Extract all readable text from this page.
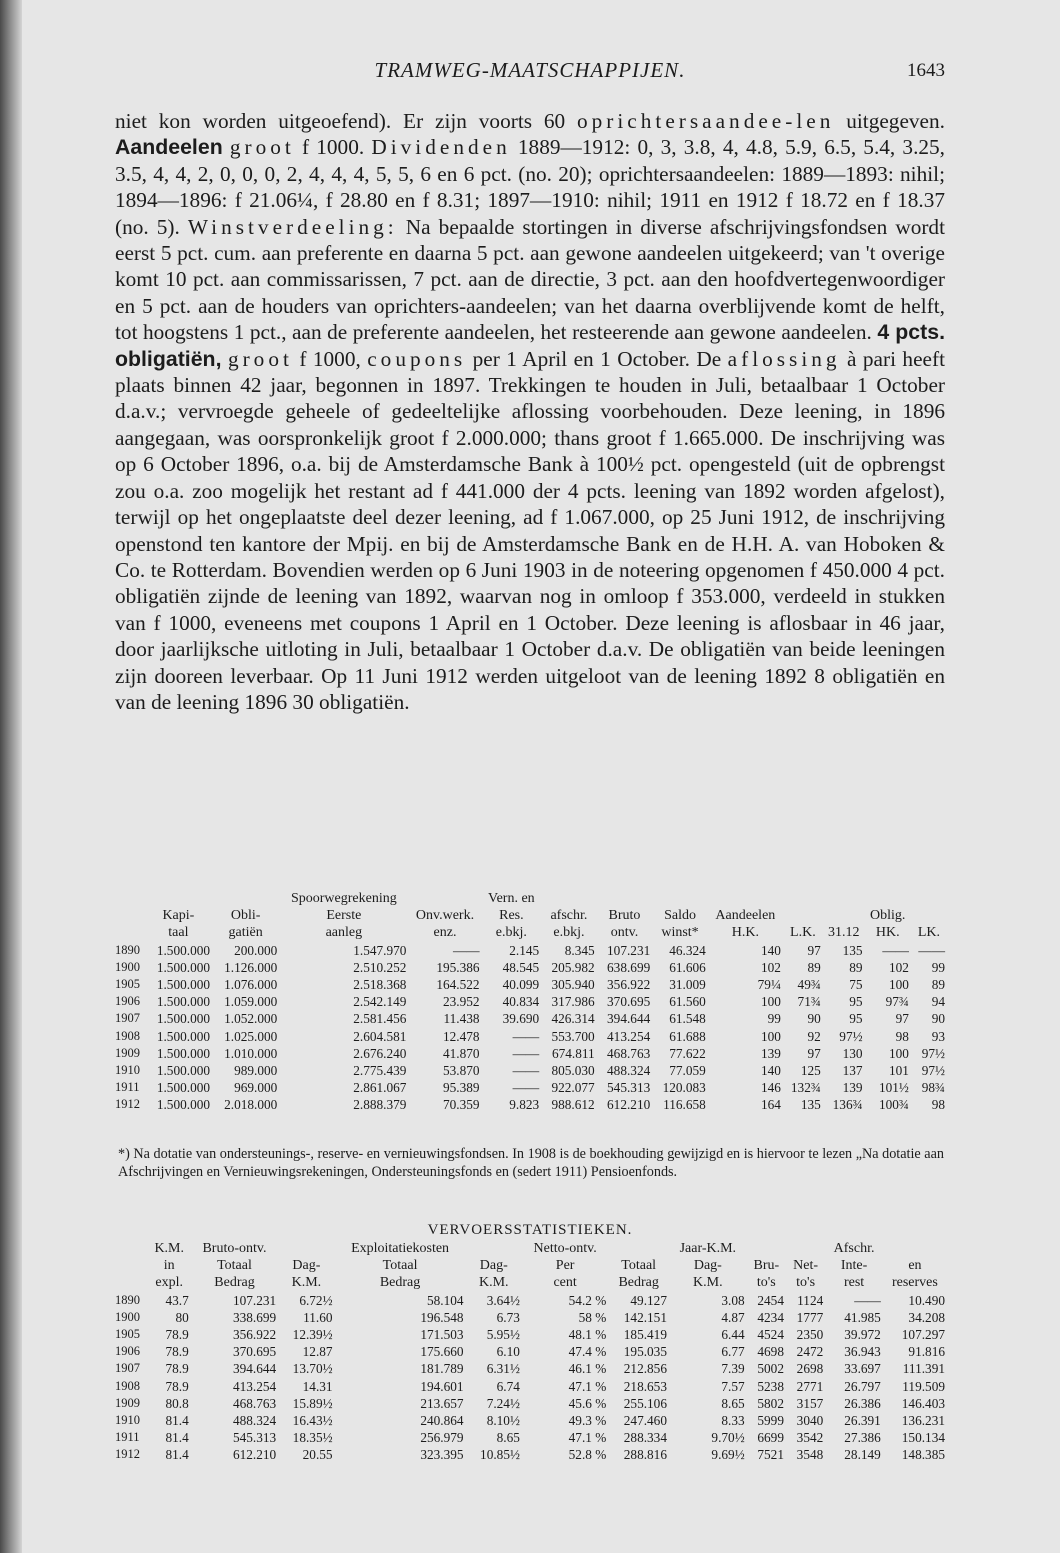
TRAMWEG-MAATSCHAPPIJEN.	1643

niet kon worden uitgeoefend). Er zijn voorts 60 oprichtersaandee-len uitgegeven. Aandeelen groot f 1000. Dividenden 1889—1912: 0, 3, 3.8, 4, 4.8, 5.9, 6.5, 5.4, 3.25, 3.5, 4, 4, 2, 0, 0, 0, 2, 4, 4, 4, 5, 5, 6 en 6 pct. (no. 20); oprichtersaandeelen: 1889—1893: nihil; 1894—1896: f 21.06¼, f 28.80 en f 8.31; 1897—1910: nihil; 1911 en 1912 f 18.72 en f 18.37 (no. 5). Winstverdeeling: Na bepaalde stortingen in diverse afschrijvingsfondsen wordt eerst 5 pct. cum. aan preferente en daarna 5 pct. aan gewone aandeelen uitgekeerd; van 't overige komt 10 pct. aan commissarissen, 7 pct. aan de directie, 3 pct. aan den hoofdvertegenwoordiger en 5 pct. aan de houders van oprichters-aandeelen; van het daarna overblijvende komt de helft, tot hoogstens 1 pct., aan de preferente aandeelen, het resteerende aan gewone aandeelen. 4 pcts. obligatiën, groot f 1000, coupons per 1 April en 1 October. De aflossing à pari heeft plaats binnen 42 jaar, begonnen in 1897. Trekkingen te houden in Juli, betaalbaar 1 October d.a.v.; vervroegde geheele of gedeeltelijke aflossing voorbehouden. Deze leening, in 1896 aangegaan, was oorspronkelijk groot f 2.000.000; thans groot f 1.665.000. De inschrijving was op 6 October 1896, o.a. bij de Amsterdamsche Bank à 100½ pct. opengesteld (uit de opbrengst zou o.a. zoo mogelijk het restant ad f 441.000 der 4 pcts. leening van 1892 worden afgelost), terwijl op het ongeplaatste deel dezer leening, ad f 1.067.000, op 25 Juni 1912, de inschrijving openstond ten kantore der Mpij. en bij de Amsterdamsche Bank en de H.H. A. van Hoboken & Co. te Rotterdam. Bovendien werden op 6 Juni 1903 in de noteering opgenomen f 450.000 4 pct. obligatiën zijnde de leening van 1892, waarvan nog in omloop f 353.000, verdeeld in stukken van f 1000, eveneens met coupons 1 April en 1 October. Deze leening is aflosbaar in 46 jaar, door jaarlijksche uitloting in Juli, betaalbaar 1 October d.a.v. De obligatiën van beide leeningen zijn dooreen leverbaar. Op 11 Juni 1912 werden uitgeloot van de leening 1892 8 obligatiën en van de leening 1896 30 obligatiën.

			Spoorwegrekening		Vern. en								
	Kapi-	Obli-	Eerste	Onv.werk.	Res.	afschr.	Bruto	Saldo	Aandeelen			Oblig.	
	taal	gatiën	aanleg	enz.	e.bkj.	e.bkj.	ontv.	winst*	H.K.	L.K.	31.12	HK.	LK.
1890	1.500.000	200.000	1.547.970	——	2.145	8.345	107.231	46.324	140	97	135	——	——
1900	1.500.000	1.126.000	2.510.252	195.386	48.545	205.982	638.699	61.606	102	89	89	102	99
1905	1.500.000	1.076.000	2.518.368	164.522	40.099	305.940	356.922	31.009	79¼	49¾	75	100	89
1906	1.500.000	1.059.000	2.542.149	23.952	40.834	317.986	370.695	61.560	100	71¾	95	97¾	94
1907	1.500.000	1.052.000	2.581.456	11.438	39.690	426.314	394.644	61.548	99	90	95	97	90
1908	1.500.000	1.025.000	2.604.581	12.478	——	553.700	413.254	61.688	100	92	97½	98	93
1909	1.500.000	1.010.000	2.676.240	41.870	——	674.811	468.763	77.622	139	97	130	100	97½
1910	1.500.000	989.000	2.775.439	53.870	——	805.030	488.324	77.059	140	125	137	101	97½
1911	1.500.000	969.000	2.861.067	95.389	——	922.077	545.313	120.083	146	132¾	139	101½	98¾
1912	1.500.000	2.018.000	2.888.379	70.359	9.823	988.612	612.210	116.658	164	135	136¾	100¾	98

*) Na dotatie van ondersteunings-, reserve- en vernieuwingsfondsen. In 1908 is de boekhouding gewijzigd en is hiervoor te lezen „Na dotatie aan Afschrijvingen en Vernieuwingsrekeningen, Ondersteuningsfonds en (sedert 1911) Pensioenfonds.

VERVOERSSTATISTIEKEN.
	K.M.	Bruto-ontv.		Exploitatiekosten		Netto-ontv.		Jaar-K.M.			Afschr.	
	in	Totaal	Dag-	Totaal	Dag-	Per	Totaal	Dag-	Bru-	Net-	Inte-	en
	expl.	Bedrag	K.M.	Bedrag	K.M.	cent	Bedrag	K.M.	to's	to's	rest	reserves
1890	43.7	107.231	6.72½	58.104	3.64½	54.2 %	49.127	3.08	2454	1124	——	10.490
1900	80	338.699	11.60	196.548	6.73	58 %	142.151	4.87	4234	1777	41.985	34.208
1905	78.9	356.922	12.39½	171.503	5.95½	48.1 %	185.419	6.44	4524	2350	39.972	107.297
1906	78.9	370.695	12.87	175.660	6.10	47.4 %	195.035	6.77	4698	2472	36.943	91.816
1907	78.9	394.644	13.70½	181.789	6.31½	46.1 %	212.856	7.39	5002	2698	33.697	111.391
1908	78.9	413.254	14.31	194.601	6.74	47.1 %	218.653	7.57	5238	2771	26.797	119.509
1909	80.8	468.763	15.89½	213.657	7.24½	45.6 %	255.106	8.65	5802	3157	26.386	146.403
1910	81.4	488.324	16.43½	240.864	8.10½	49.3 %	247.460	8.33	5999	3040	26.391	136.231
1911	81.4	545.313	18.35½	256.979	8.65	47.1 %	288.334	9.70½	6699	3542	27.386	150.134
1912	81.4	612.210	20.55	323.395	10.85½	52.8 %	288.816	9.69½	7521	3548	28.149	148.385
